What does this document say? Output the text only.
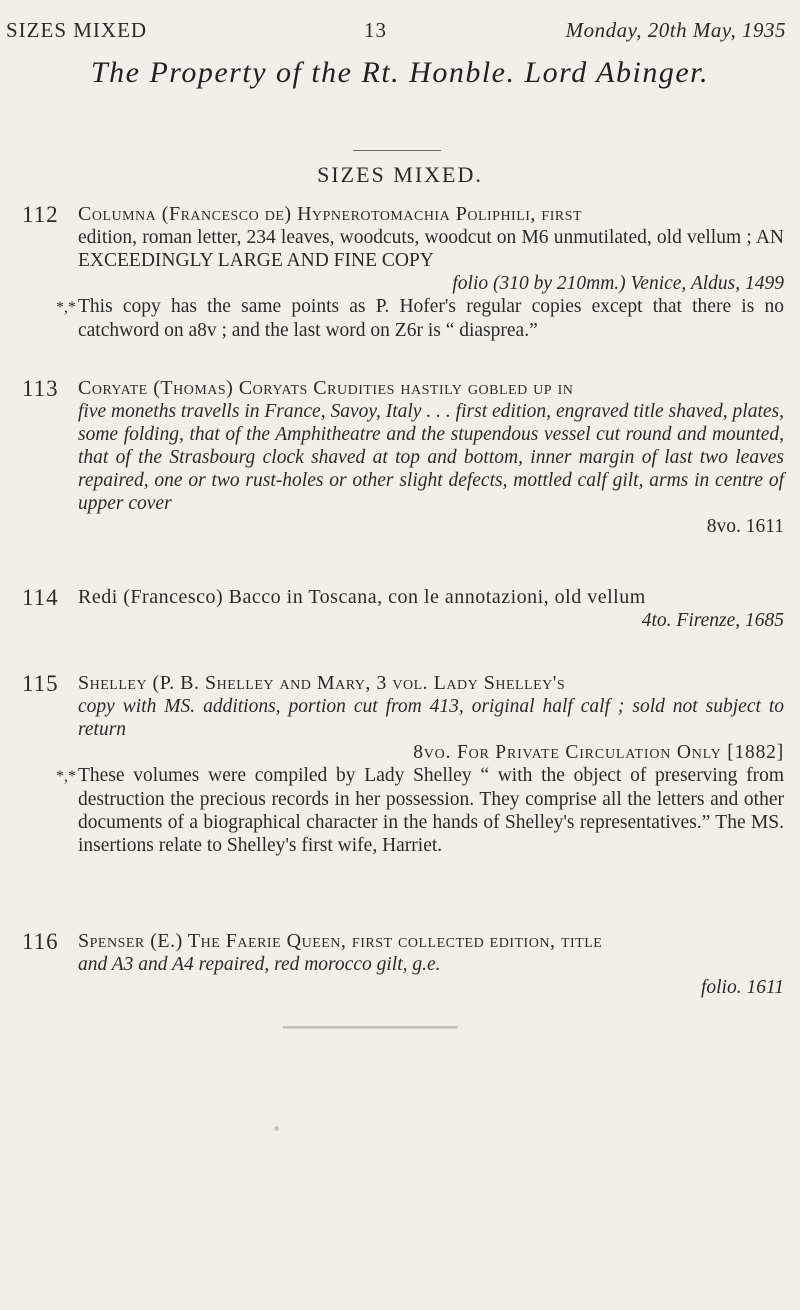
SIZES MIXED	13	Monday, 20th May, 1935
The Property of the Rt. Honble. Lord Abinger.
SIZES MIXED.
112 Columna (Francesco de) Hypnerotomachia Poliphili, first
edition, roman letter, 234 leaves, woodcuts, woodcut on M6 unmutilated, old vellum ; AN EXCEEDINGLY LARGE AND FINE COPY
folio (310 by 210mm.) Venice, Aldus, 1499
*,* This copy has the same points as P. Hofer's regular copies except that there is no catchword on a8v ; and the last word on Z6r is “ diasprea.”
113 Coryate (Thomas) Coryats Crudities hastily gobled up in
five moneths travells in France, Savoy, Italy . . . first edition, engraved title shaved, plates, some folding, that of the Amphitheatre and the stupendous vessel cut round and mounted, that of the Strasbourg clock shaved at top and bottom, inner margin of last two leaves repaired, one or two rust-holes or other slight defects, mottled calf gilt, arms in centre of upper cover
8vo. 1611
114 Redi (Francesco) Bacco in Toscana, con le annotazioni, old vellum
4to. Firenze, 1685
115 Shelley (P. B. Shelley and Mary, 3 vol. Lady Shelley's
copy with MS. additions, portion cut from 413, original half calf ; sold not subject to return
8vo. For Private Circulation Only [1882]
*,* These volumes were compiled by Lady Shelley “ with the object of preserving from destruction the precious records in her possession. They comprise all the letters and other documents of a biographical character in the hands of Shelley's representatives.” The MS. insertions relate to Shelley's first wife, Harriet.
116 Spenser (E.) The Faerie Queen, first collected edition, title
and A3 and A4 repaired, red morocco gilt, g.e.
folio. 1611
